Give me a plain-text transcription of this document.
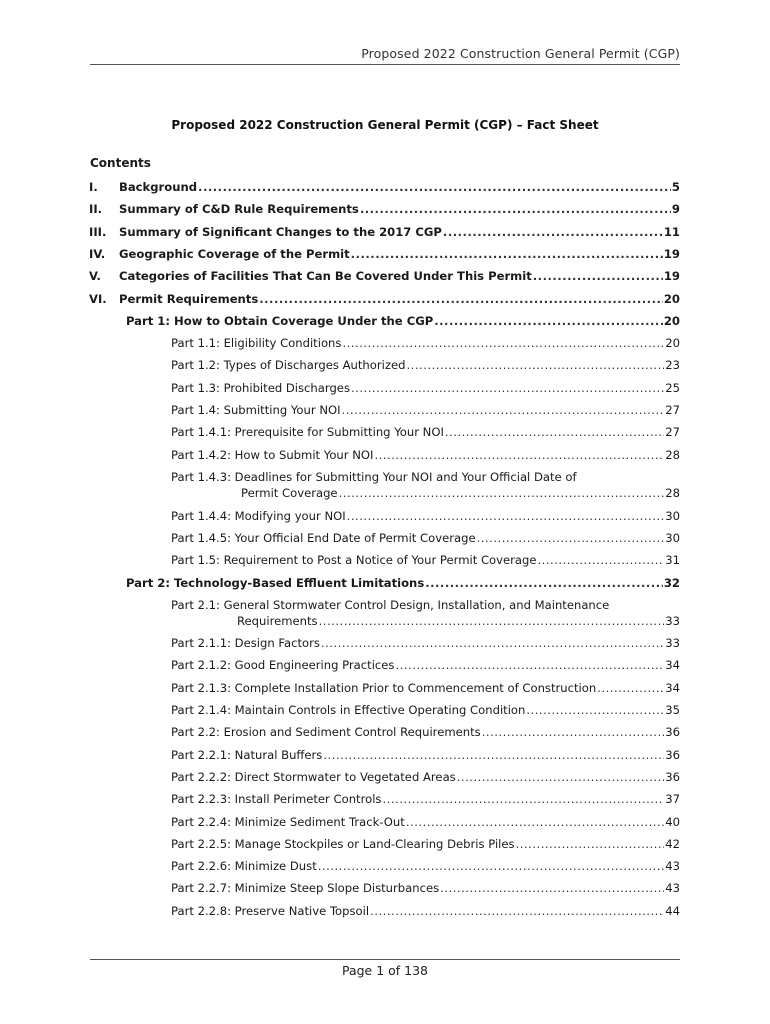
Proposed 2022 Construction General Permit (CGP)
Proposed 2022 Construction General Permit (CGP) – Fact Sheet
Contents
I.	Background .....	5
II.	Summary of C&D Rule Requirements .....	9
III.	Summary of Significant Changes to the 2017 CGP .....	11
IV.	Geographic Coverage of the Permit .....	19
V.	Categories of Facilities That Can Be Covered Under This Permit .....	19
VI.	Permit Requirements .....	20
Part 1: How to Obtain Coverage Under the CGP .....	20
Part 1.1: Eligibility Conditions .....	20
Part 1.2: Types of Discharges Authorized .....	23
Part 1.3: Prohibited Discharges .....	25
Part 1.4: Submitting Your NOI .....	27
Part 1.4.1: Prerequisite for Submitting Your NOI .....	27
Part 1.4.2: How to Submit Your NOI .....	28
Part 1.4.3: Deadlines for Submitting Your NOI and Your Official Date of
Permit Coverage .....	28
Part 1.4.4: Modifying your NOI .....	30
Part 1.4.5: Your Official End Date of Permit Coverage .....	30
Part 1.5: Requirement to Post a Notice of Your Permit Coverage .....	31
Part 2: Technology-Based Effluent Limitations .....	32
Part 2.1: General Stormwater Control Design, Installation, and Maintenance
Requirements .....	33
Part 2.1.1: Design Factors .....	33
Part 2.1.2: Good Engineering Practices .....	34
Part 2.1.3: Complete Installation Prior to Commencement of Construction .....	34
Part 2.1.4: Maintain Controls in Effective Operating Condition .....	35
Part 2.2: Erosion and Sediment Control Requirements .....	36
Part 2.2.1: Natural Buffers .....	36
Part 2.2.2: Direct Stormwater to Vegetated Areas .....	36
Part 2.2.3: Install Perimeter Controls .....	37
Part 2.2.4: Minimize Sediment Track-Out .....	40
Part 2.2.5: Manage Stockpiles or Land-Clearing Debris Piles .....	42
Part 2.2.6: Minimize Dust .....	43
Part 2.2.7: Minimize Steep Slope Disturbances .....	43
Part 2.2.8: Preserve Native Topsoil .....	44
Page 1 of 138
